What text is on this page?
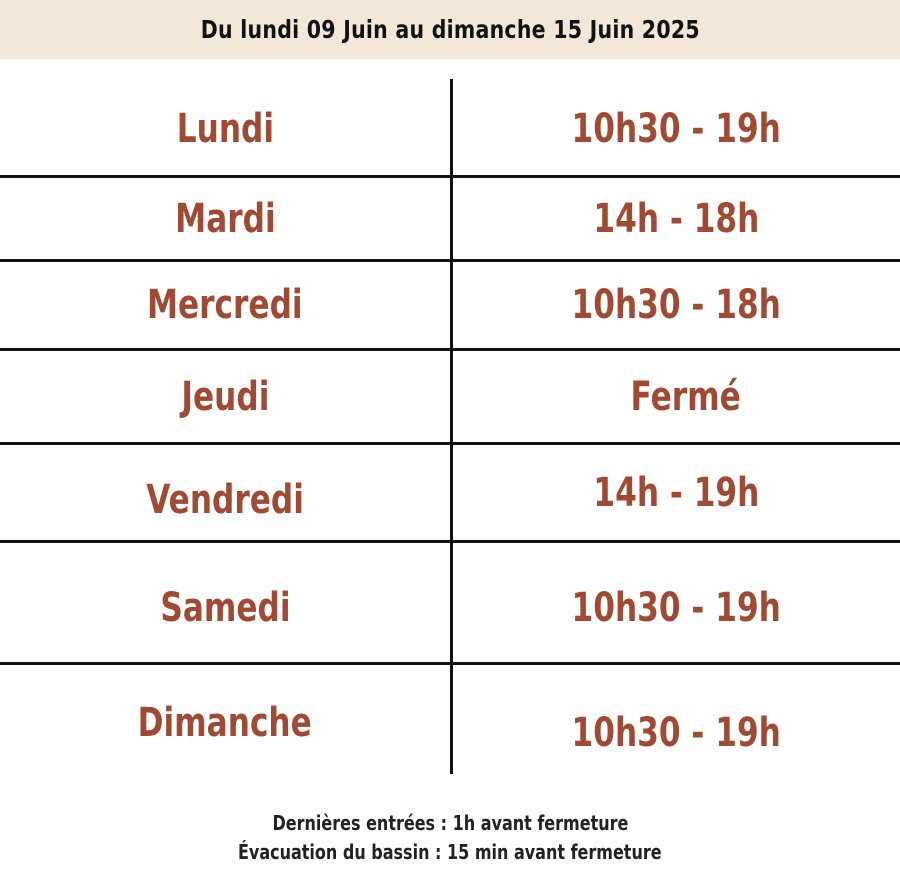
Du lundi 09 Juin au dimanche 15 Juin 2025
Lundi	10h30 - 19h
Mardi	14h - 18h
Mercredi	10h30 - 18h
Jeudi	Fermé
Vendredi	14h - 19h
Samedi	10h30 - 19h
Dimanche	10h30 - 19h
Dernières entrées : 1h avant fermeture
Évacuation du bassin : 15 min avant fermeture
